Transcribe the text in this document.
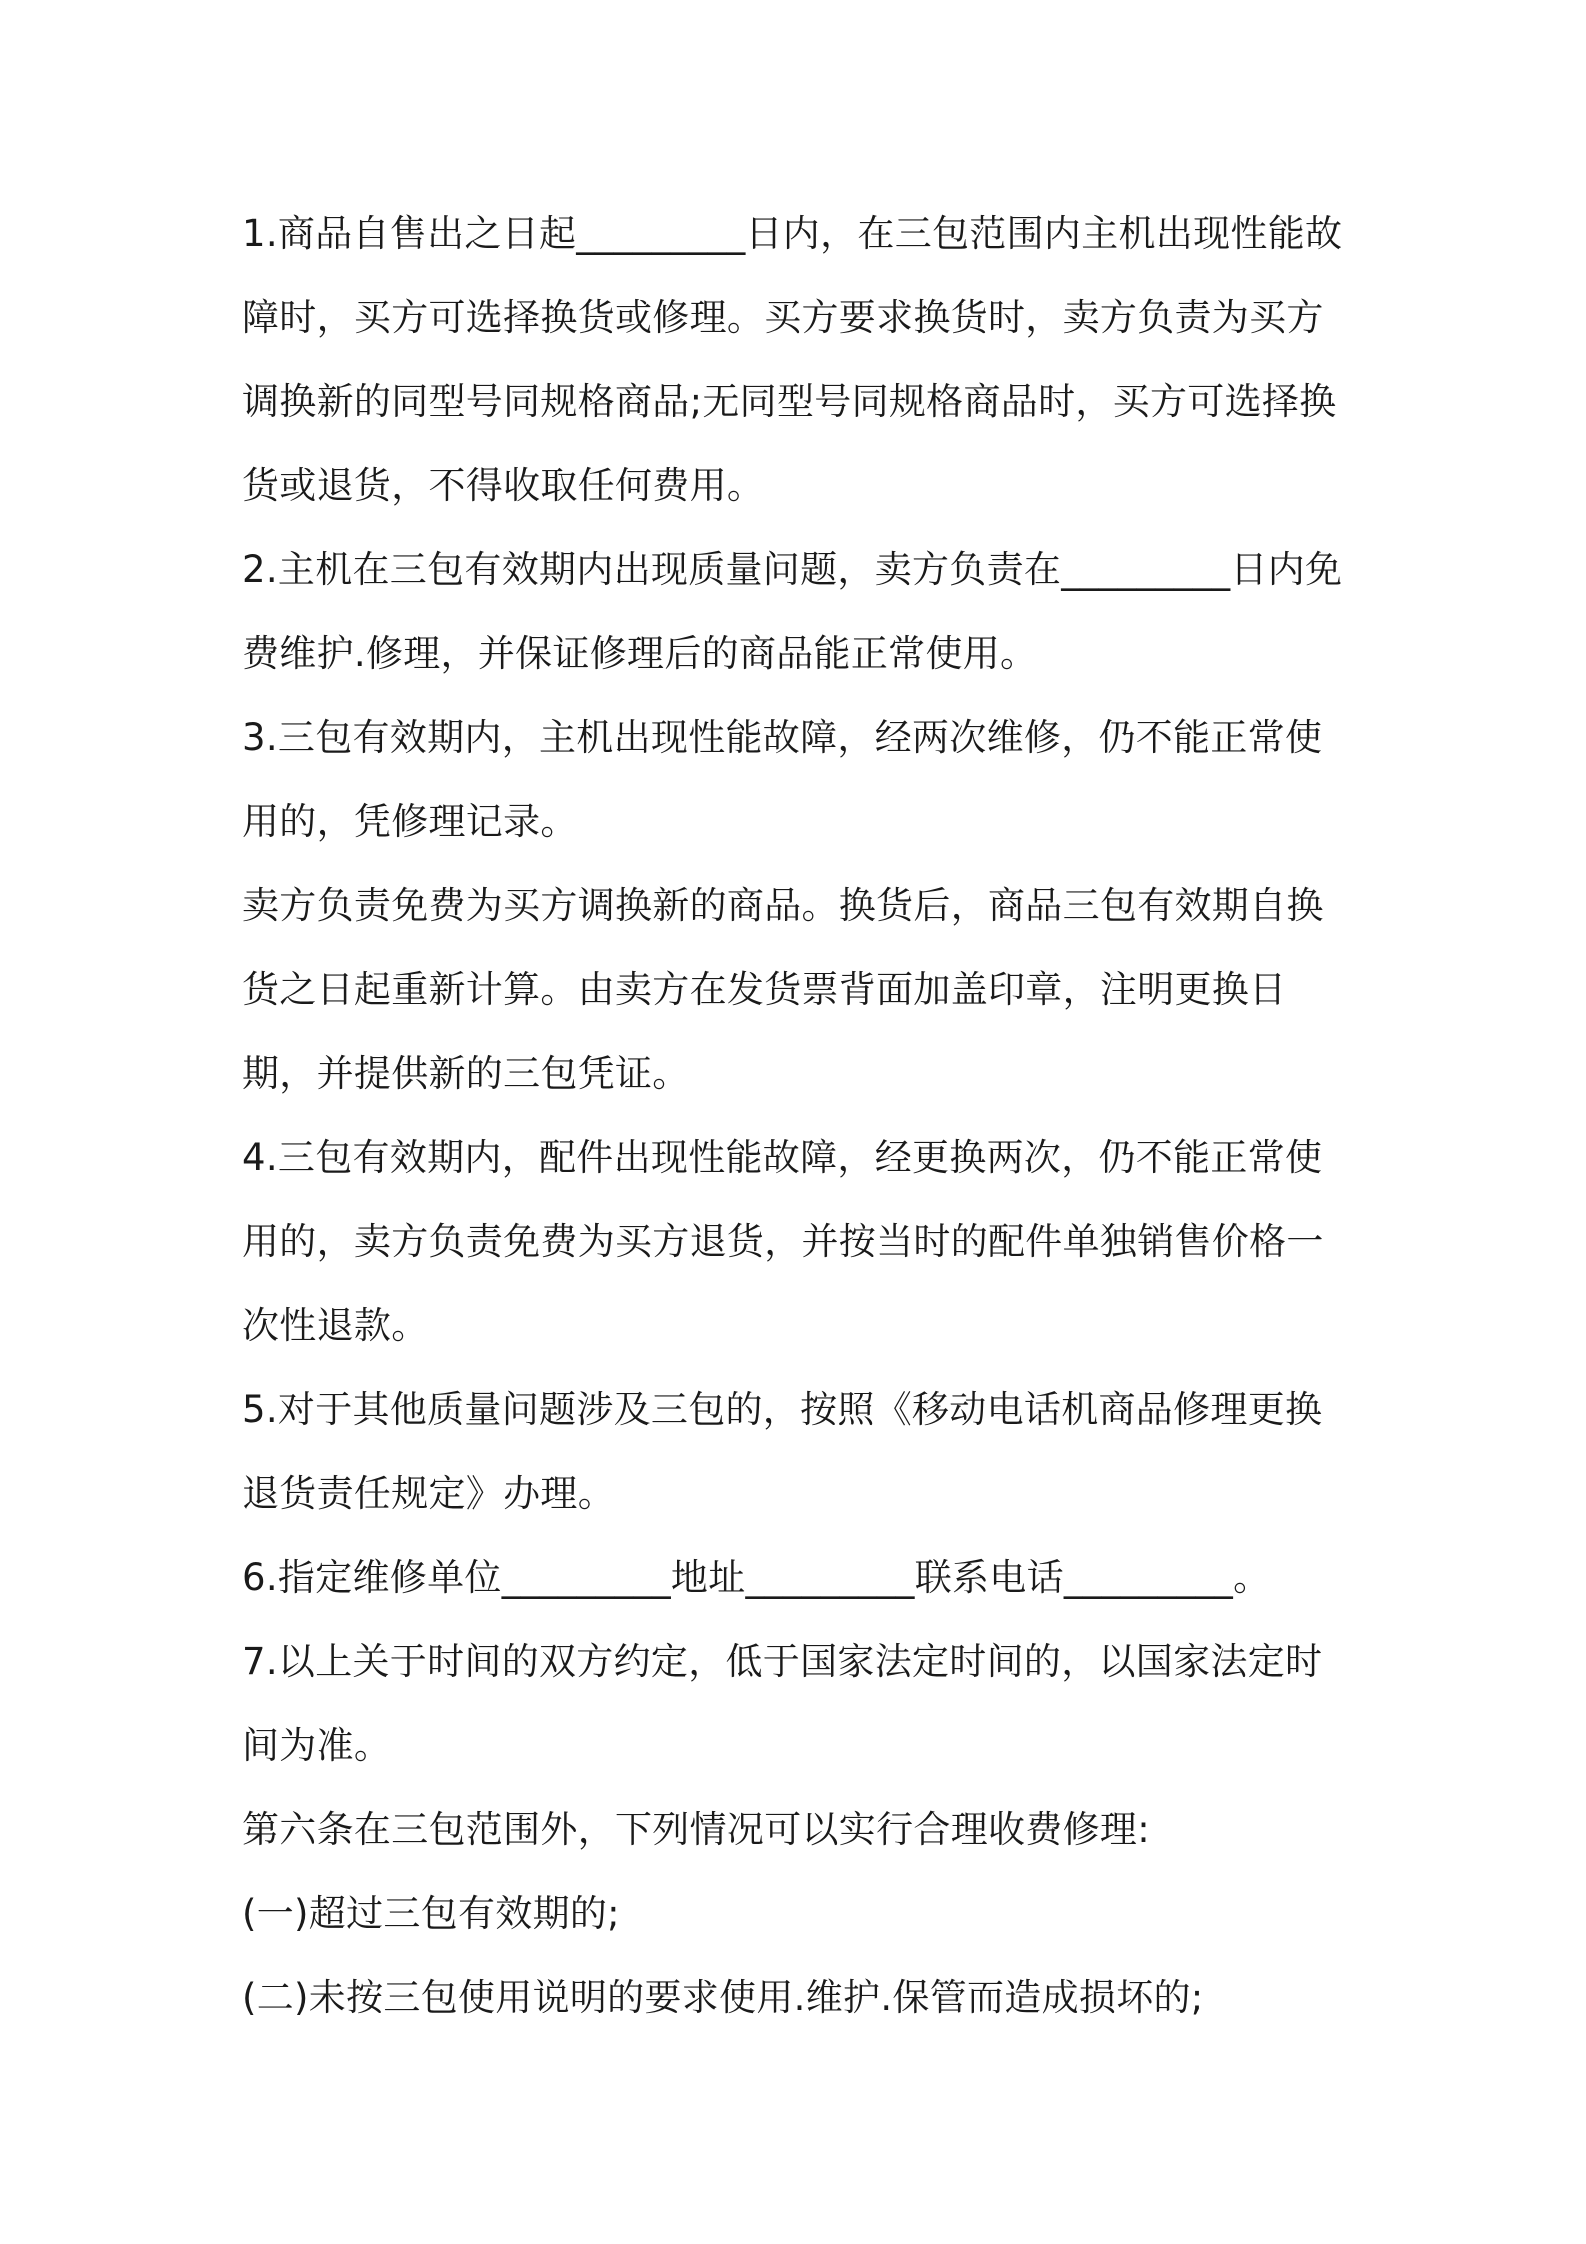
1.商品自售出之日起_________日内，在三包范围内主机出现性能故障时，买方可选择换货或修理。买方要求换货时，卖方负责为买方调换新的同型号同规格商品;无同型号同规格商品时，买方可选择换货或退货，不得收取任何费用。

2.主机在三包有效期内出现质量问题，卖方负责在_________日内免费维护.修理，并保证修理后的商品能正常使用。

3.三包有效期内，主机出现性能故障，经两次维修，仍不能正常使用的，凭修理记录。

卖方负责免费为买方调换新的商品。换货后，商品三包有效期自换货之日起重新计算。由卖方在发货票背面加盖印章，注明更换日期，并提供新的三包凭证。

4.三包有效期内，配件出现性能故障，经更换两次，仍不能正常使用的，卖方负责免费为买方退货，并按当时的配件单独销售价格一次性退款。

5.对于其他质量问题涉及三包的，按照《移动电话机商品修理更换退货责任规定》办理。

6.指定维修单位_________地址_________联系电话_________。

7.以上关于时间的双方约定，低于国家法定时间的，以国家法定时间为准。

第六条在三包范围外，下列情况可以实行合理收费修理:

(一)超过三包有效期的;

(二)未按三包使用说明的要求使用.维护.保管而造成损坏的;
